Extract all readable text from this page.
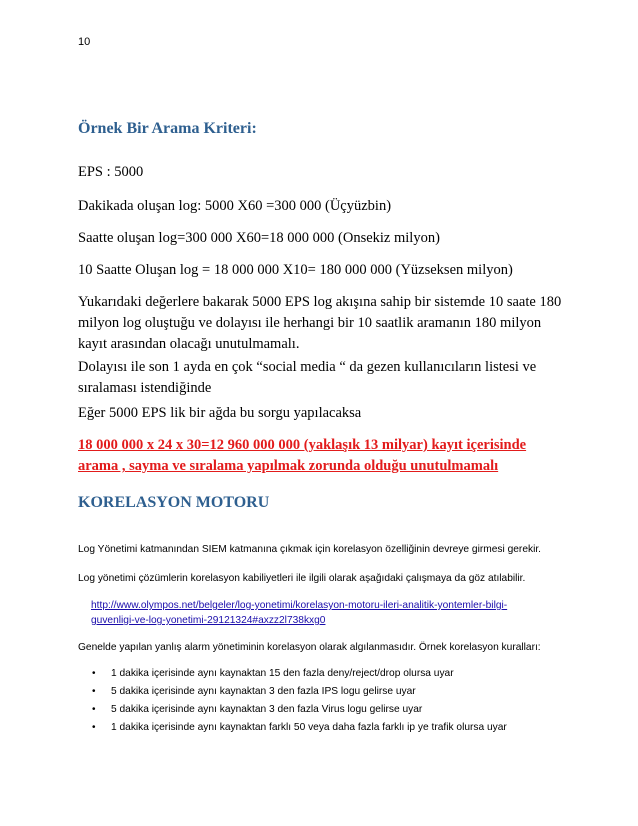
10
Örnek Bir Arama Kriteri:
EPS : 5000
Dakikada oluşan log: 5000 X60 =300 000 (Üçyüzbin)
Saatte oluşan log=300 000 X60=18 000 000 (Onsekiz milyon)
10 Saatte Oluşan log = 18 000 000 X10= 180 000 000 (Yüzseksen milyon)
Yukarıdaki değerlere bakarak 5000 EPS log akışına sahip bir sistemde 10 saate 180
milyon log oluştuğu ve dolayısı ile herhangi bir 10 saatlik aramanın 180 milyon
kayıt arasından olacağı unutulmamalı.
Dolayısı ile son 1 ayda en çok “social media “ da gezen kullanıcıların listesi ve
sıralaması istendiğinde
Eğer 5000 EPS lik bir ağda bu sorgu yapılacaksa
18 000 000 x 24 x 30=12 960 000 000 (yaklaşık 13 milyar) kayıt içerisinde
arama , sayma ve sıralama yapılmak zorunda olduğu unutulmamalı
KORELASYON MOTORU
Log Yönetimi katmanından SIEM katmanına çıkmak için korelasyon özelliğinin devreye girmesi gerekir.
Log yönetimi çözümlerin korelasyon kabiliyetleri ile ilgili olarak aşağıdaki çalışmaya da göz atılabilir.
http://www.olympos.net/belgeler/log-yonetimi/korelasyon-motoru-ileri-analitik-yontemler-bilgi-
guvenligi-ve-log-yonetimi-29121324#axzz2l738kxg0
Genelde yapılan yanlış alarm yönetiminin korelasyon olarak algılanmasıdır. Örnek korelasyon kuralları:
• 1 dakika içerisinde aynı kaynaktan 15 den fazla deny/reject/drop olursa uyar
• 5 dakika içerisinde aynı kaynaktan 3 den fazla IPS logu gelirse uyar
• 5 dakika içerisinde aynı kaynaktan 3 den fazla Virus logu gelirse uyar
• 1 dakika içerisinde aynı kaynaktan farklı 50 veya daha fazla farklı ip ye trafik olursa uyar
